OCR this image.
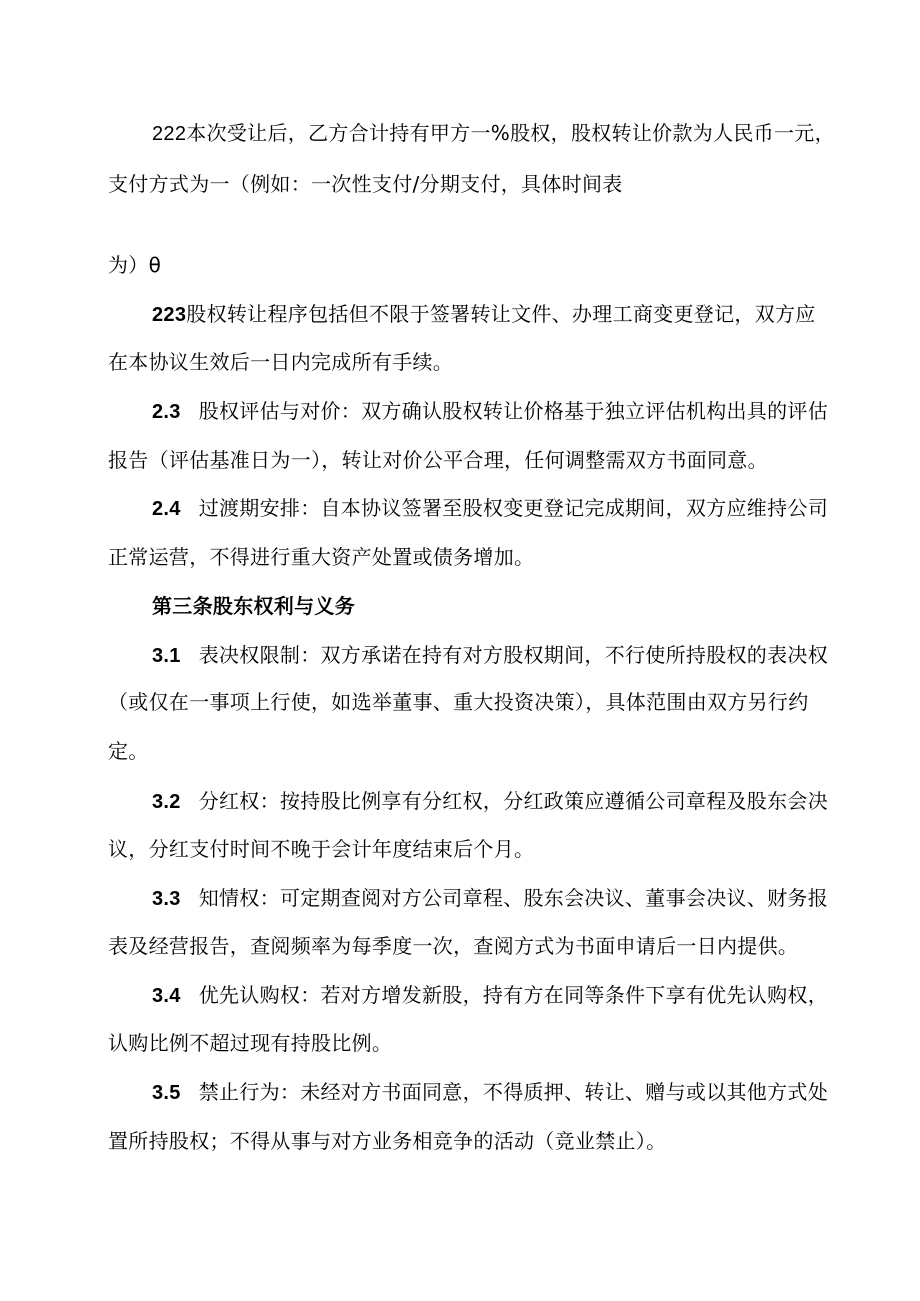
222本次受让后，乙方合计持有甲方一%股权，股权转让价款为人民币一元，
支付方式为一（例如：一次性支付/分期支付，具体时间表
为）θ
223股权转让程序包括但不限于签署转让文件、办理工商变更登记，双方应
在本协议生效后一日内完成所有手续。
2.3 股权评估与对价：双方确认股权转让价格基于独立评估机构出具的评估
报告（评估基准日为一），转让对价公平合理，任何调整需双方书面同意。
2.4 过渡期安排：自本协议签署至股权变更登记完成期间，双方应维持公司
正常运营，不得进行重大资产处置或债务增加。
第三条股东权利与义务
3.1 表决权限制：双方承诺在持有对方股权期间，不行使所持股权的表决权
（或仅在一事项上行使，如选举董事、重大投资决策），具体范围由双方另行约
定。
3.2 分红权：按持股比例享有分红权，分红政策应遵循公司章程及股东会决
议，分红支付时间不晚于会计年度结束后个月。
3.3 知情权：可定期查阅对方公司章程、股东会决议、董事会决议、财务报
表及经营报告，查阅频率为每季度一次，查阅方式为书面申请后一日内提供。
3.4 优先认购权：若对方增发新股，持有方在同等条件下享有优先认购权，
认购比例不超过现有持股比例。
3.5 禁止行为：未经对方书面同意，不得质押、转让、赠与或以其他方式处
置所持股权；不得从事与对方业务相竞争的活动（竞业禁止）。
